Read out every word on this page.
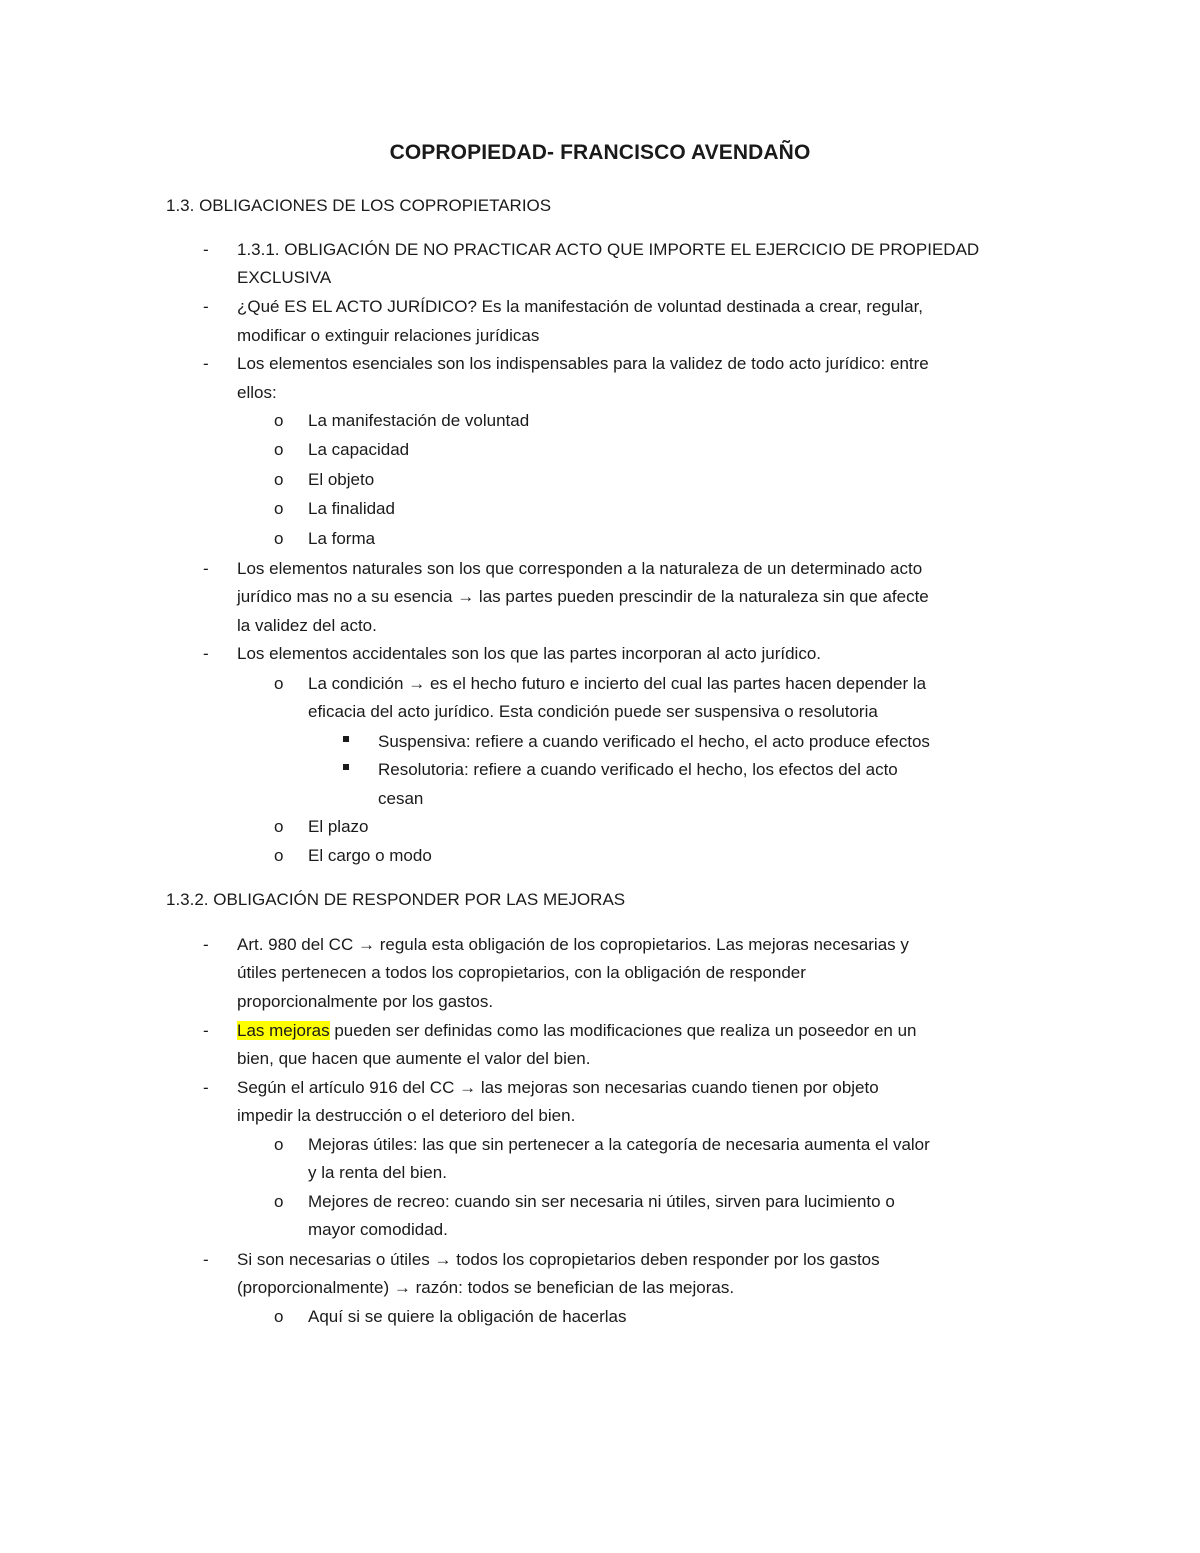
COPROPIEDAD- FRANCISCO AVENDAÑO
1.3. OBLIGACIONES DE LOS COPROPIETARIOS
- 1.3.1. OBLIGACIÓN DE NO PRACTICAR ACTO QUE IMPORTE EL EJERCICIO DE PROPIEDAD
EXCLUSIVA
- ¿Qué ES EL ACTO JURÍDICO? Es la manifestación de voluntad destinada a crear, regular,
modificar o extinguir relaciones jurídicas
- Los elementos esenciales son los indispensables para la validez de todo acto jurídico: entre
ellos:
o La manifestación de voluntad
o La capacidad
o El objeto
o La finalidad
o La forma
- Los elementos naturales son los que corresponden a la naturaleza de un determinado acto
jurídico mas no a su esencia → las partes pueden prescindir de la naturaleza sin que afecte
la validez del acto.
- Los elementos accidentales son los que las partes incorporan al acto jurídico.
o La condición → es el hecho futuro e incierto del cual las partes hacen depender la
eficacia del acto jurídico. Esta condición puede ser suspensiva o resolutoria
Suspensiva: refiere a cuando verificado el hecho, el acto produce efectos
Resolutoria: refiere a cuando verificado el hecho, los efectos del acto
cesan
o El plazo
o El cargo o modo
1.3.2. OBLIGACIÓN DE RESPONDER POR LAS MEJORAS
- Art. 980 del CC → regula esta obligación de los copropietarios. Las mejoras necesarias y
útiles pertenecen a todos los copropietarios, con la obligación de responder
proporcionalmente por los gastos.
- Las mejoras pueden ser definidas como las modificaciones que realiza un poseedor en un
bien, que hacen que aumente el valor del bien.
- Según el artículo 916 del CC → las mejoras son necesarias cuando tienen por objeto
impedir la destrucción o el deterioro del bien.
o Mejoras útiles: las que sin pertenecer a la categoría de necesaria aumenta el valor
y la renta del bien.
o Mejores de recreo: cuando sin ser necesaria ni útiles, sirven para lucimiento o
mayor comodidad.
- Si son necesarias o útiles → todos los copropietarios deben responder por los gastos
(proporcionalmente) → razón: todos se benefician de las mejoras.
o Aquí si se quiere la obligación de hacerlas
